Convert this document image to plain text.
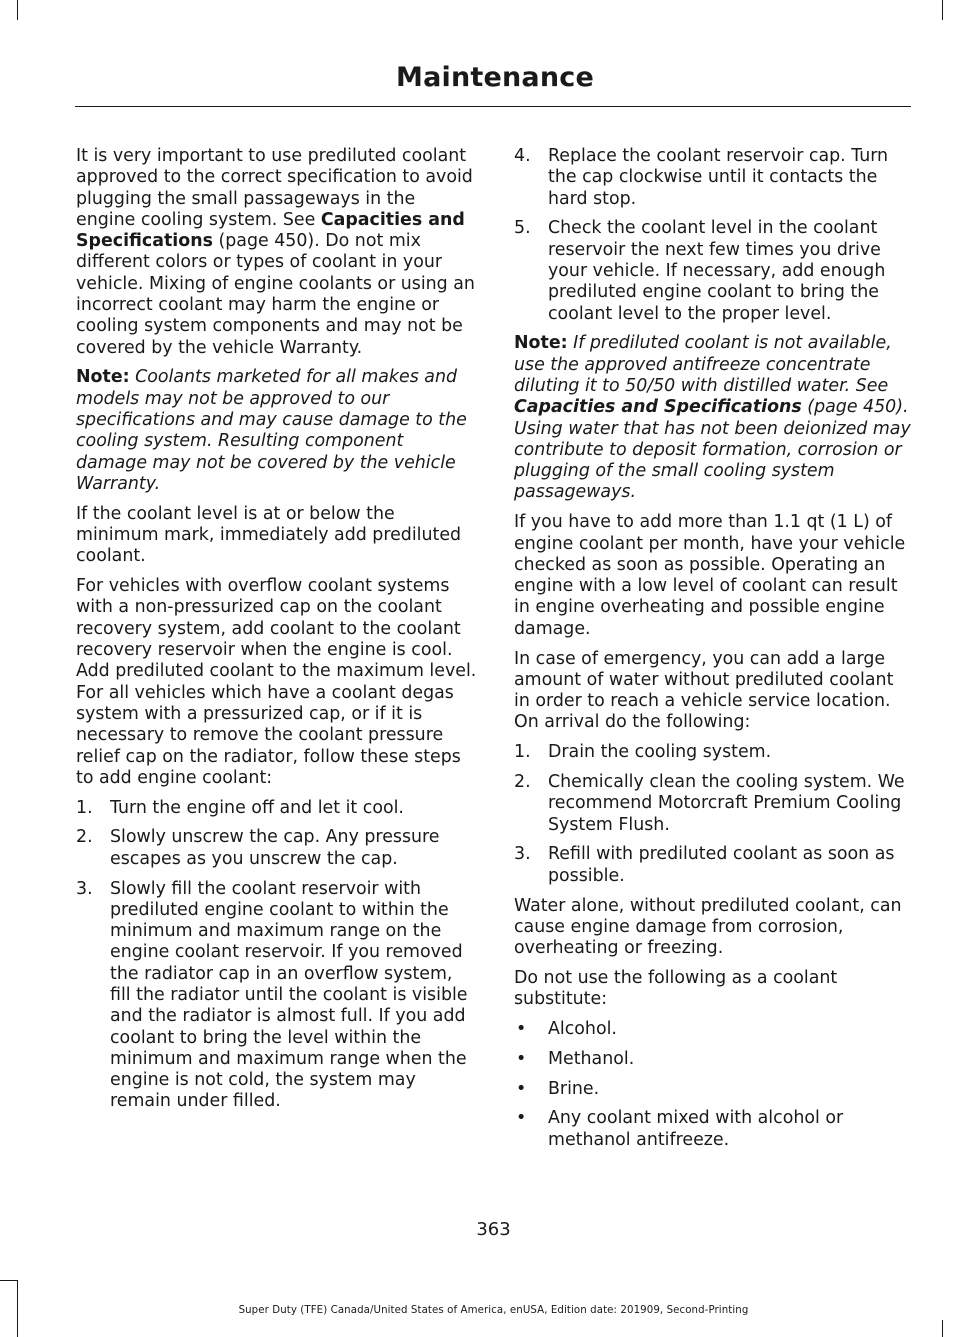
Maintenance

It is very important to use prediluted coolant approved to the correct specification to avoid plugging the small passageways in the engine cooling system. See Capacities and Specifications (page 450). Do not mix different colors or types of coolant in your vehicle. Mixing of engine coolants or using an incorrect coolant may harm the engine or cooling system components and may not be covered by the vehicle Warranty.

Note: Coolants marketed for all makes and models may not be approved to our specifications and may cause damage to the cooling system. Resulting component damage may not be covered by the vehicle Warranty.

If the coolant level is at or below the minimum mark, immediately add prediluted coolant.

For vehicles with overflow coolant systems with a non-pressurized cap on the coolant recovery system, add coolant to the coolant recovery reservoir when the engine is cool. Add prediluted coolant to the maximum level. For all vehicles which have a coolant degas system with a pressurized cap, or if it is necessary to remove the coolant pressure relief cap on the radiator, follow these steps to add engine coolant:

1. Turn the engine off and let it cool.
2. Slowly unscrew the cap. Any pressure escapes as you unscrew the cap.
3. Slowly fill the coolant reservoir with prediluted engine coolant to within the minimum and maximum range on the engine coolant reservoir. If you removed the radiator cap in an overflow system, fill the radiator until the coolant is visible and the radiator is almost full. If you add coolant to bring the level within the minimum and maximum range when the engine is not cold, the system may remain under filled.
4. Replace the coolant reservoir cap. Turn the cap clockwise until it contacts the hard stop.
5. Check the coolant level in the coolant reservoir the next few times you drive your vehicle. If necessary, add enough prediluted engine coolant to bring the coolant level to the proper level.

Note: If prediluted coolant is not available, use the approved antifreeze concentrate diluting it to 50/50 with distilled water. See Capacities and Specifications (page 450). Using water that has not been deionized may contribute to deposit formation, corrosion or plugging of the small cooling system passageways.

If you have to add more than 1.1 qt (1 L) of engine coolant per month, have your vehicle checked as soon as possible. Operating an engine with a low level of coolant can result in engine overheating and possible engine damage.

In case of emergency, you can add a large amount of water without prediluted coolant in order to reach a vehicle service location. On arrival do the following:

1. Drain the cooling system.
2. Chemically clean the cooling system. We recommend Motorcraft Premium Cooling System Flush.
3. Refill with prediluted coolant as soon as possible.

Water alone, without prediluted coolant, can cause engine damage from corrosion, overheating or freezing.

Do not use the following as a coolant substitute:

• Alcohol.
• Methanol.
• Brine.
• Any coolant mixed with alcohol or methanol antifreeze.
363
Super Duty (TFE) Canada/United States of America, enUSA, Edition date: 201909, Second-Printing
